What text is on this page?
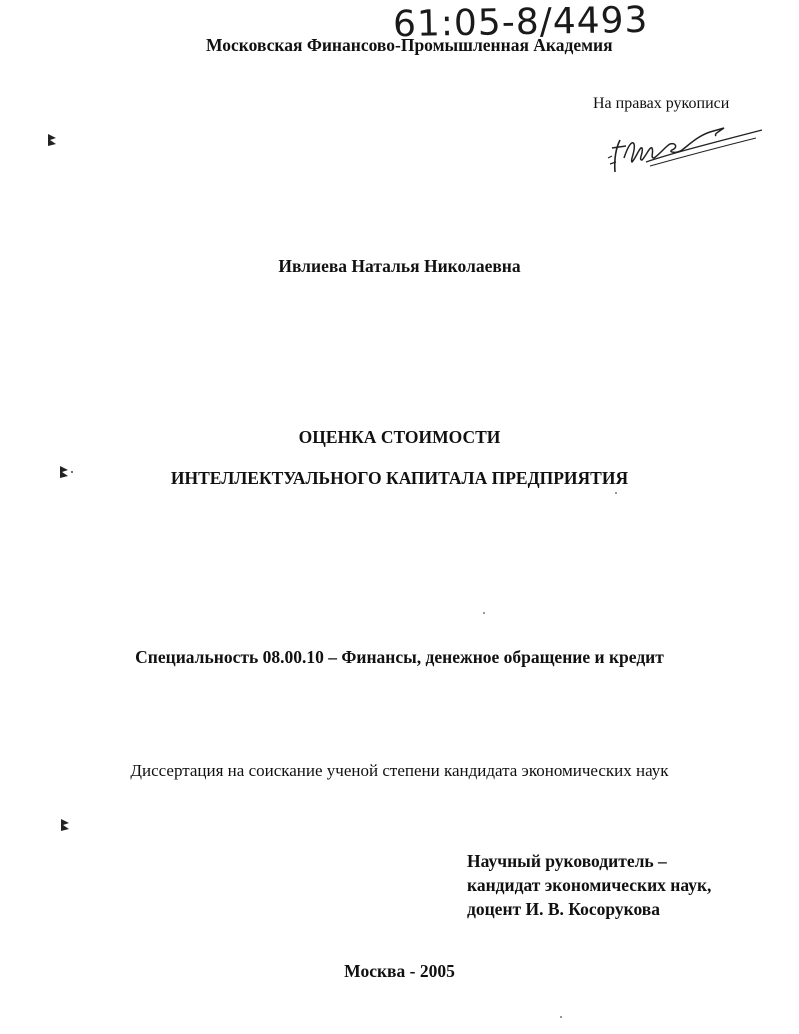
61:05-8/4493
Московская Финансово-Промышленная Академия
На правах рукописи
Ивлиева Наталья Николаевна
ОЦЕНКА СТОИМОСТИ
ИНТЕЛЛЕКТУАЛЬНОГО КАПИТАЛА ПРЕДПРИЯТИЯ
Специальность 08.00.10 – Финансы, денежное обращение и кредит
Диссертация на соискание ученой степени кандидата экономических наук
Научный руководитель –
кандидат экономических наук,
доцент И. В. Косорукова
Москва - 2005
